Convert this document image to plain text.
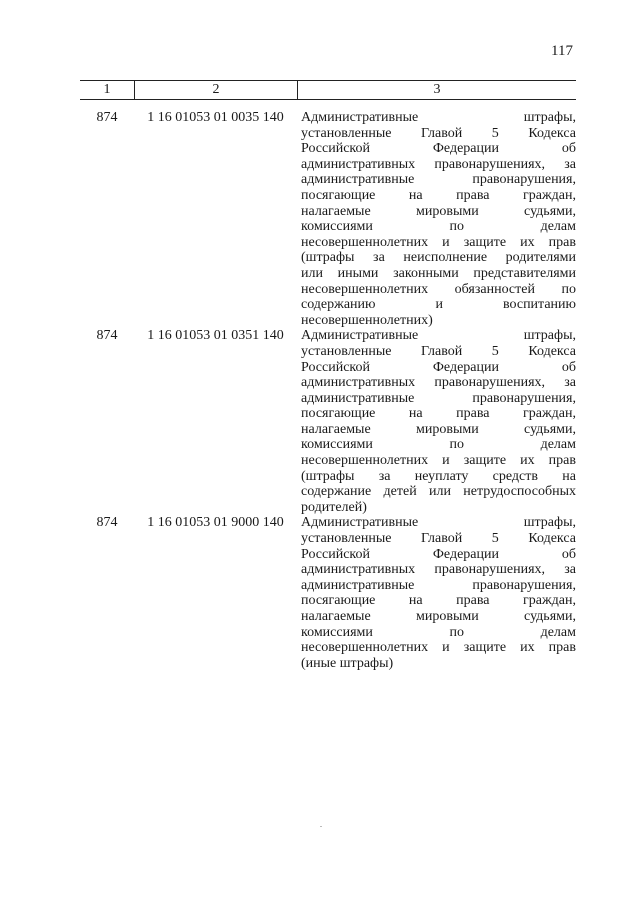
117
1	2	3
874	1 16 01053 01 0035 140	Административные штрафы,
установленные Главой 5 Кодекса
Российской Федерации об
административных правонарушениях, за
административные правонарушения,
посягающие на права граждан,
налагаемые мировыми судьями,
комиссиями по делам
несовершеннолетних и защите их прав
(штрафы за неисполнение родителями
или иными законными представителями
несовершеннолетних обязанностей по
содержанию и воспитанию
несовершеннолетних)
874	1 16 01053 01 0351 140	Административные штрафы,
установленные Главой 5 Кодекса
Российской Федерации об
административных правонарушениях, за
административные правонарушения,
посягающие на права граждан,
налагаемые мировыми судьями,
комиссиями по делам
несовершеннолетних и защите их прав
(штрафы за неуплату средств на
содержание детей или нетрудоспособных
родителей)
874	1 16 01053 01 9000 140	Административные штрафы,
установленные Главой 5 Кодекса
Российской Федерации об
административных правонарушениях, за
административные правонарушения,
посягающие на права граждан,
налагаемые мировыми судьями,
комиссиями по делам
несовершеннолетних и защите их прав
(иные штрафы)
